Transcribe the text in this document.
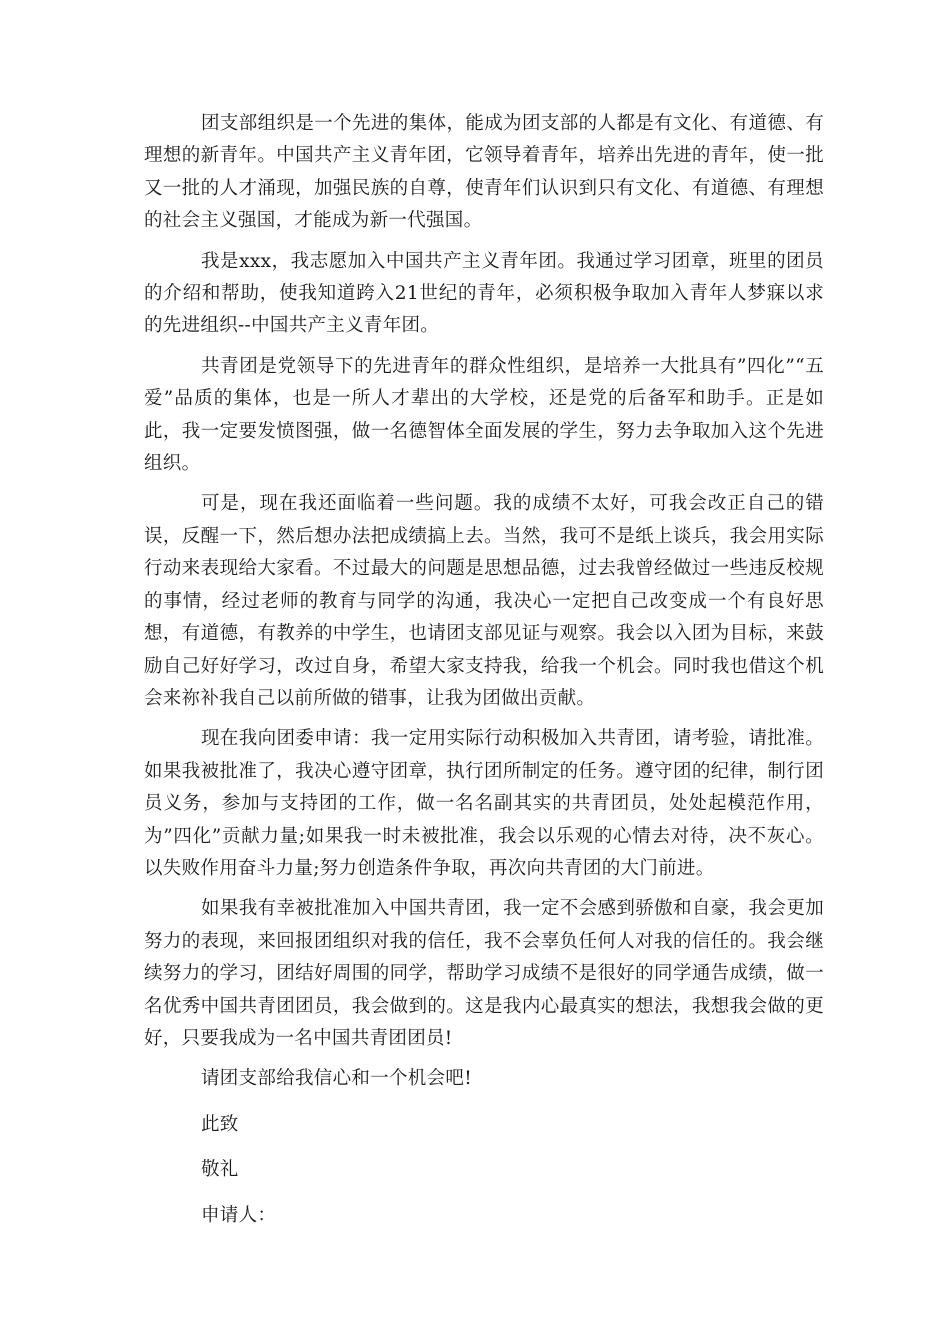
团支部组织是一个先进的集体，能成为团支部的人都是有文化、有道德、有理想的新青年。中国共产主义青年团，它领导着青年，培养出先进的青年，使一批又一批的人才涌现，加强民族的自尊，使青年们认识到只有文化、有道德、有理想的社会主义强国，才能成为新一代强国。

我是xxx，我志愿加入中国共产主义青年团。我通过学习团章，班里的团员的介绍和帮助，使我知道跨入21世纪的青年，必须积极争取加入青年人梦寐以求的先进组织--中国共产主义青年团。

共青团是党领导下的先进青年的群众性组织，是培养一大批具有”四化”“五爱”品质的集体，也是一所人才辈出的大学校，还是党的后备军和助手。正是如此，我一定要发愤图强，做一名德智体全面发展的学生，努力去争取加入这个先进组织。

可是，现在我还面临着一些问题。我的成绩不太好，可我会改正自己的错误，反醒一下，然后想办法把成绩搞上去。当然，我可不是纸上谈兵，我会用实际行动来表现给大家看。不过最大的问题是思想品德，过去我曾经做过一些违反校规的事情，经过老师的教育与同学的沟通，我决心一定把自己改变成一个有良好思想，有道德，有教养的中学生，也请团支部见证与观察。我会以入团为目标，来鼓励自己好好学习，改过自身，希望大家支持我，给我一个机会。同时我也借这个机会来祢补我自己以前所做的错事，让我为团做出贡献。

现在我向团委申请：我一定用实际行动积极加入共青团，请考验，请批准。如果我被批准了，我决心遵守团章，执行团所制定的任务。遵守团的纪律，制行团员义务，参加与支持团的工作，做一名名副其实的共青团员，处处起模范作用，为”四化”贡献力量;如果我一时未被批准，我会以乐观的心情去对待，决不灰心。以失败作用奋斗力量;努力创造条件争取，再次向共青团的大门前进。

如果我有幸被批准加入中国共青团，我一定不会感到骄傲和自豪，我会更加努力的表现，来回报团组织对我的信任，我不会辜负任何人对我的信任的。我会继续努力的学习，团结好周围的同学，帮助学习成绩不是很好的同学通告成绩，做一名优秀中国共青团团员，我会做到的。这是我内心最真实的想法，我想我会做的更好，只要我成为一名中国共青团团员!

请团支部给我信心和一个机会吧!

此致

敬礼

申请人：
